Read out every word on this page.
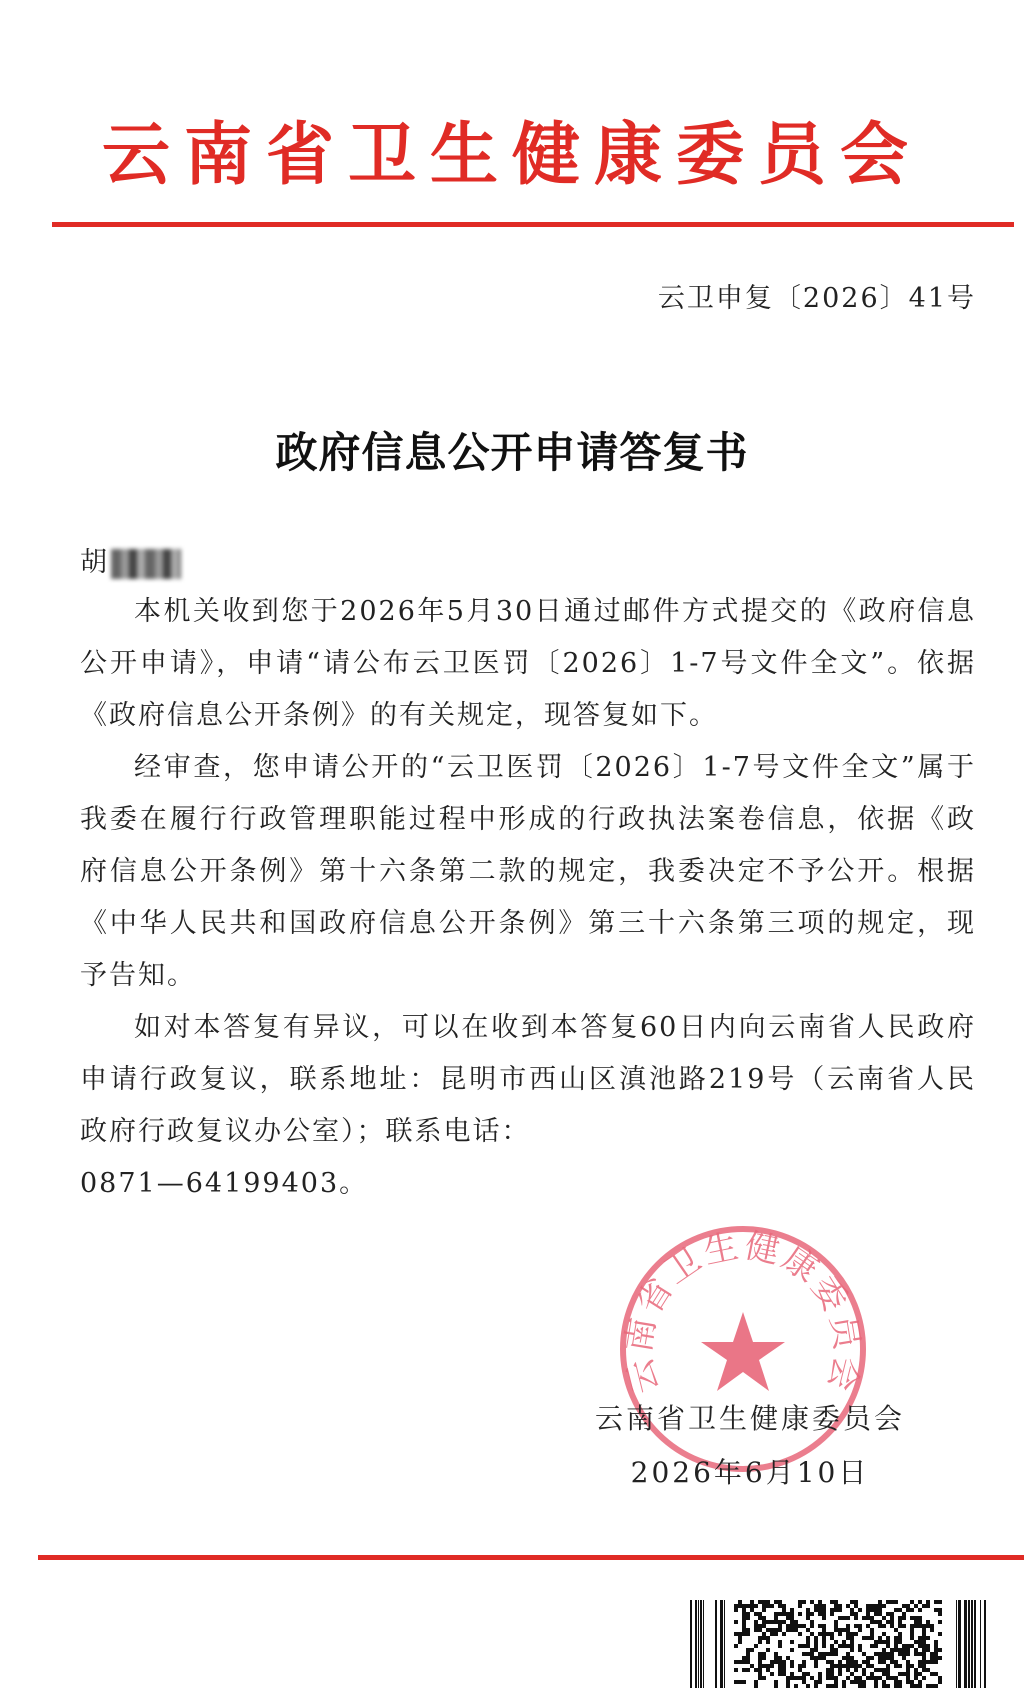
云南省卫生健康委员会
云卫申复〔2026〕41号
政府信息公开申请答复书
胡

本机关收到您于2026年5月30日通过邮件方式提交的《政府信息公开申请》，申请“请公布云卫医罚〔2026〕1-7号文件全文”。依据《政府信息公开条例》的有关规定，现答复如下。

经审查，您申请公开的“云卫医罚〔2026〕1-7号文件全文”属于我委在履行行政管理职能过程中形成的行政执法案卷信息，依据《政府信息公开条例》第十六条第二款的规定，我委决定不予公开。根据《中华人民共和国政府信息公开条例》第三十六条第三项的规定，现予告知。

如对本答复有异议，可以在收到本答复60日内向云南省人民政府申请行政复议，联系地址：昆明市西山区滇池路219号（云南省人民政府行政复议办公室）；联系电话：

0871—64199403。

云南省卫生健康委员会
云南省卫生健康委员会
2026年6月10日
